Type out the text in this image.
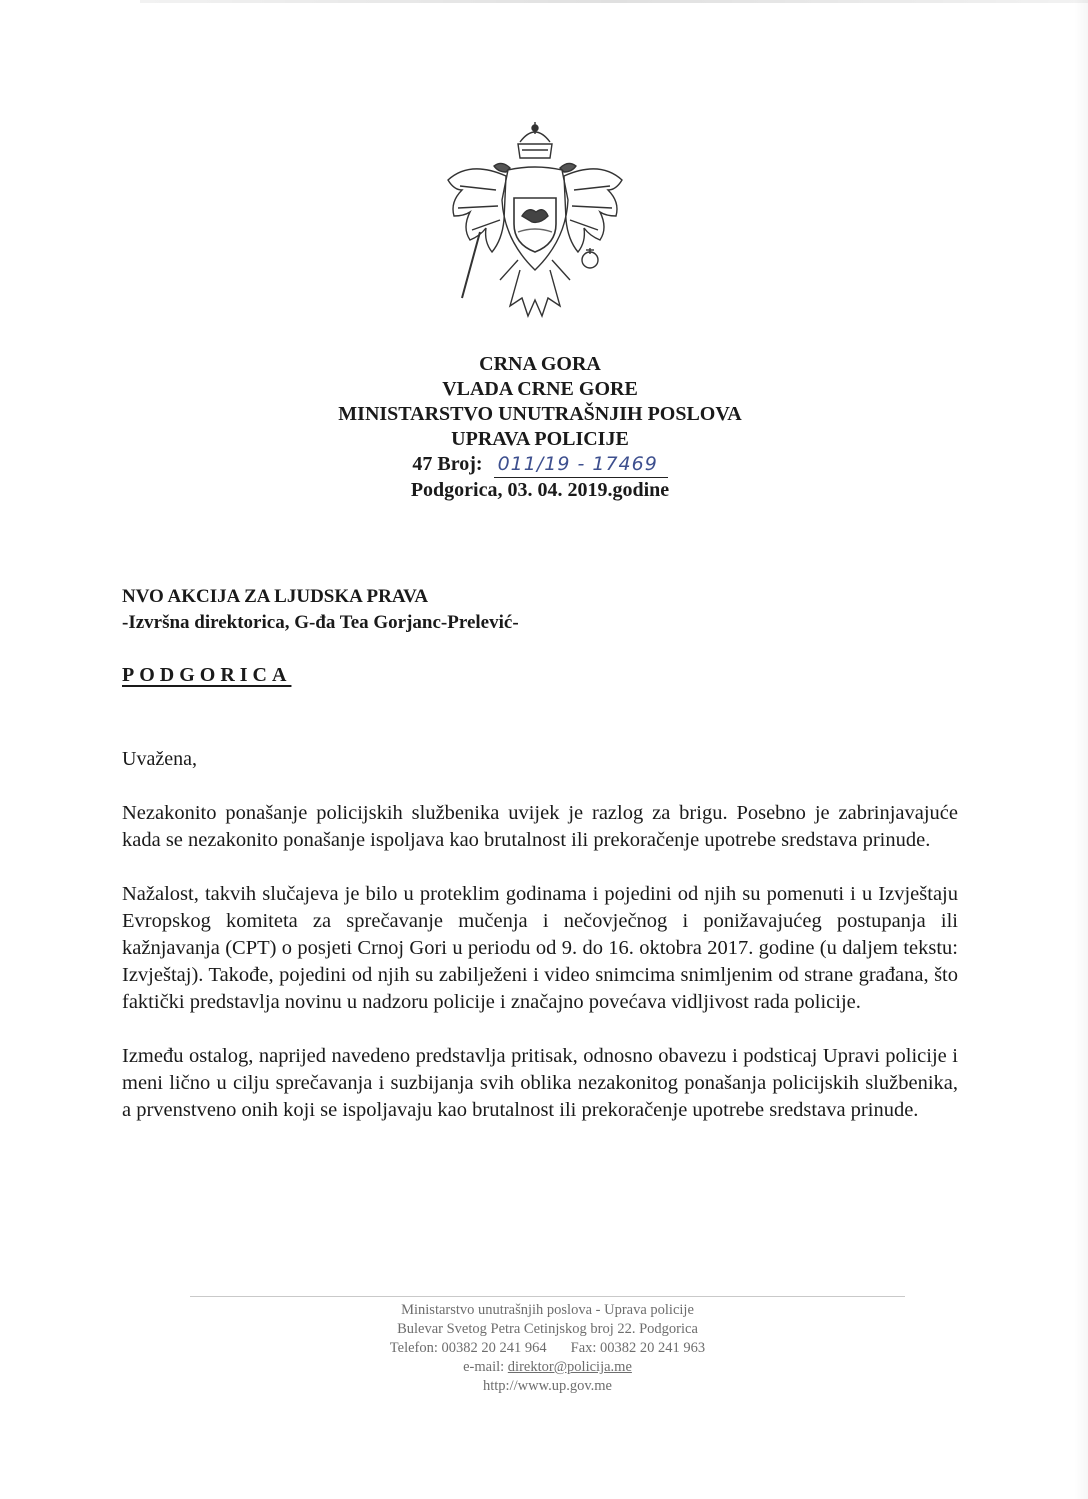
CRNA GORA
VLADA CRNE GORE
MINISTARSTVO UNUTRAŠNJIH POSLOVA
UPRAVA POLICIJE
47 Broj: 011/19 - 17469
Podgorica, 03. 04. 2019.godine
NVO AKCIJA ZA LJUDSKA PRAVA
-Izvršna direktorica, G-đa Tea Gorjanc-Prelević-
PODGORICA
Uvažena,

Nezakonito ponašanje policijskih službenika uvijek je razlog za brigu. Posebno je zabrinjavajuće kada se nezakonito ponašanje ispoljava kao brutalnost ili prekoračenje upotrebe sredstava prinude.

Nažalost, takvih slučajeva je bilo u proteklim godinama i pojedini od njih su pomenuti i u Izvještaju Evropskog komiteta za sprečavanje mučenja i nečovječnog i ponižavajućeg postupanja ili kažnjavanja (CPT) o posjeti Crnoj Gori u periodu od 9. do 16. oktobra 2017. godine (u daljem tekstu: Izvještaj). Takođe, pojedini od njih su zabilježeni i video snimcima snimljenim od strane građana, što faktički predstavlja novinu u nadzoru policije i značajno povećava vidljivost rada policije.

Između ostalog, naprijed navedeno predstavlja pritisak, odnosno obavezu i podsticaj Upravi policije i meni lično u cilju sprečavanja i suzbijanja svih oblika nezakonitog ponašanja policijskih službenika, a prvenstveno onih koji se ispoljavaju kao brutalnost ili prekoračenje upotrebe sredstava prinude.

Ministarstvo unutrašnjih poslova - Uprava policije
Bulevar Svetog Petra Cetinjskog broj 22. Podgorica
Telefon: 00382 20 241 964 Fax: 00382 20 241 963
e-mail: direktor@policija.me
http://www.up.gov.me
